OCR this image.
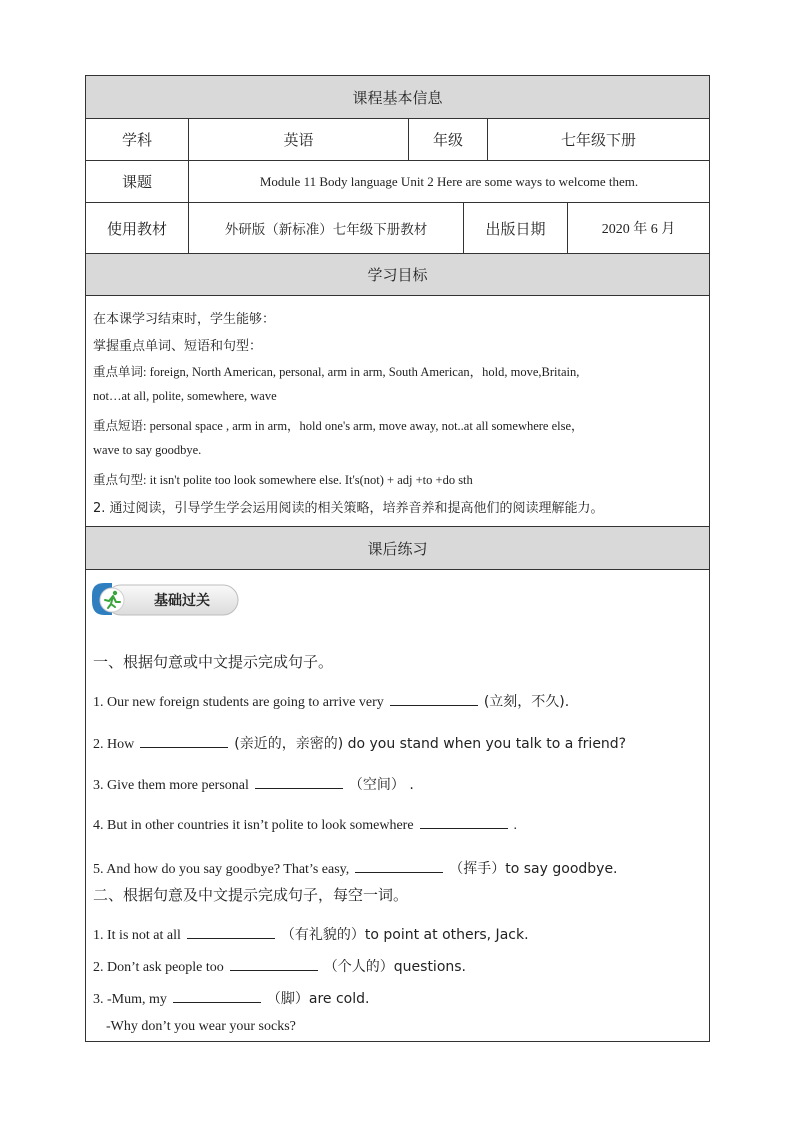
课程基本信息
学科	英语	年级	七年级下册
课题	Module 11 Body language Unit 2 Here are some ways to welcome them.
使用教材	外研版（新标准）七年级下册教材	出版日期	2020 年 6 月
学习目标
在本课学习结束时，学生能够：
掌握重点单词、短语和句型：
重点单词: foreign, North American, personal, arm in arm, South American，hold, move,Britain,
not…at all, polite, somewhere, wave
重点短语: personal space , arm in arm，hold one's arm, move away, not..at all somewhere else，
wave to say goodbye.
重点句型: it isn't polite too look somewhere else. It's(not) + adj +to +do sth
2. 通过阅读，引导学生学会运用阅读的相关策略，培养音养和提高他们的阅读理解能力。
课后练习
基础过关
一、根据句意或中文提示完成句子。
1. Our new foreign students are going to arrive very	(立刻，不久).
2. How	(亲近的，亲密的) do you stand when you talk to a friend?
3. Give them more personal	（空间） .
4. But in other countries it isn’t polite to look somewhere	.
5. And how do you say goodbye? That’s easy,	（挥手）to say goodbye.
二、根据句意及中文提示完成句子，每空一词。
1. It is not at all	（有礼貌的）to point at others, Jack.
2. Don’t ask people too	（个人的）questions.
3. -Mum, my	（脚）are cold.
-Why don’t you wear your socks?
